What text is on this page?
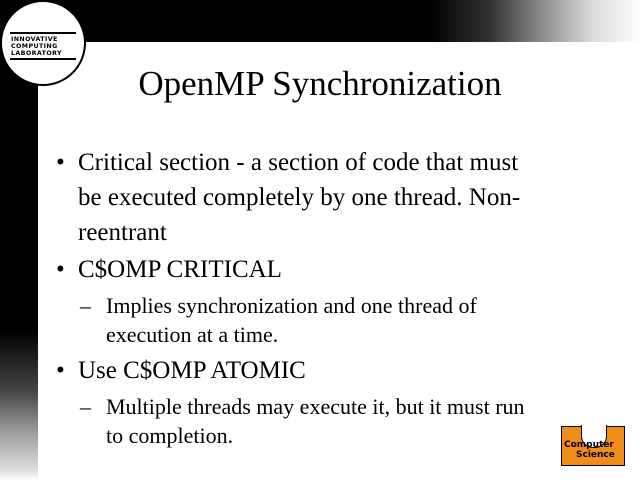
INNOVATIVE
COMPUTING
LABORATORY
OpenMP Synchronization
• Critical section - a section of code that must
be executed completely by one thread. Non-
reentrant
• C$OMP CRITICAL
– Implies synchronization and one thread of
execution at a time.
• Use C$OMP ATOMIC
– Multiple threads may execute it, but it must run
to completion.	Computer
Science
